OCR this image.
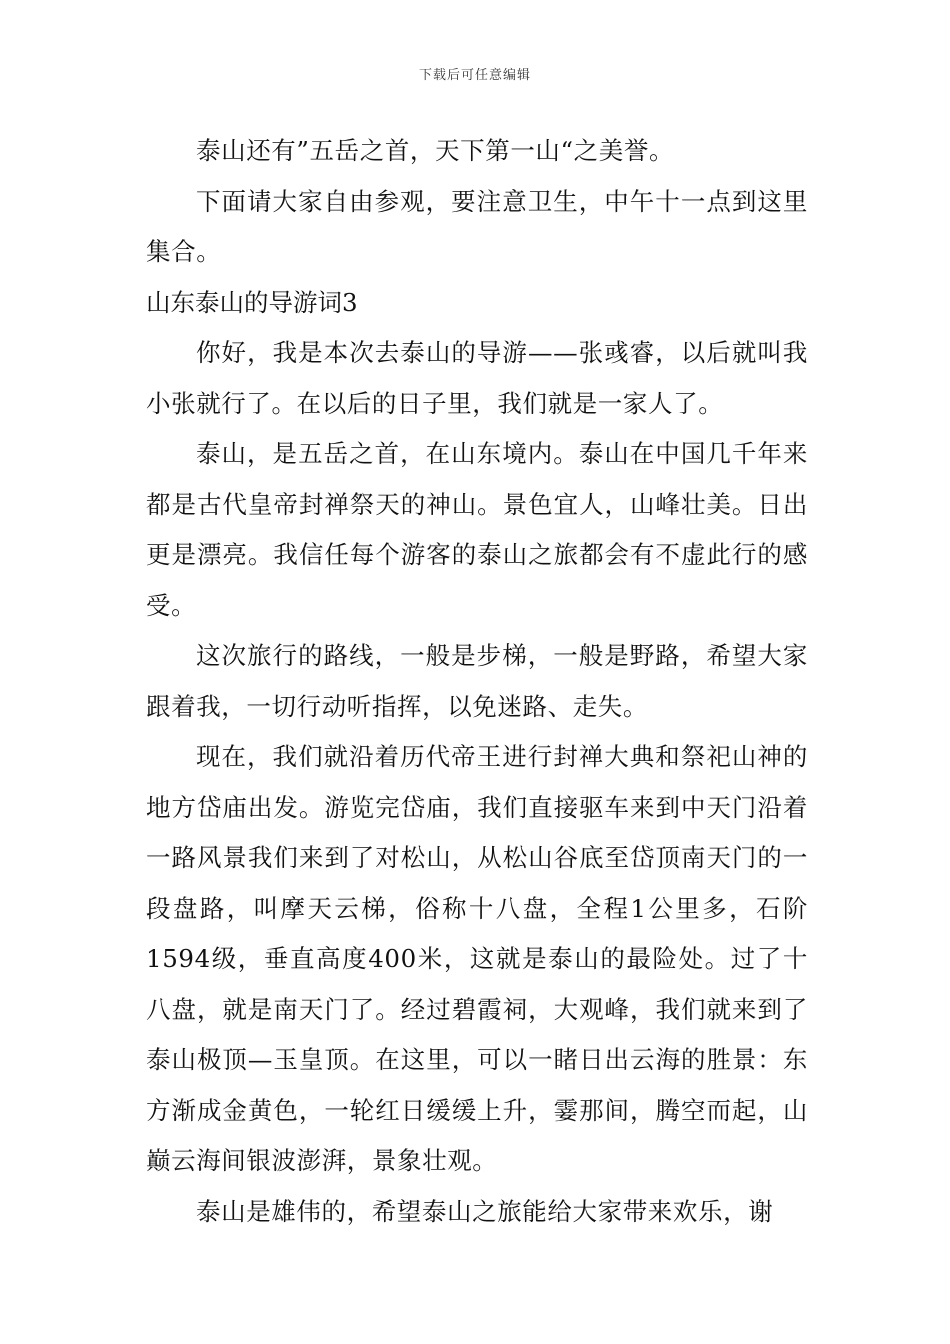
下载后可任意编辑

泰山还有”五岳之首，天下第一山“之美誉。

下面请大家自由参观，要注意卫生，中午十一点到这里集合。

山东泰山的导游词3

你好，我是本次去泰山的导游——张彧睿，以后就叫我小张就行了。在以后的日子里，我们就是一家人了。

泰山，是五岳之首，在山东境内。泰山在中国几千年来都是古代皇帝封禅祭天的神山。景色宜人，山峰壮美。日出更是漂亮。我信任每个游客的泰山之旅都会有不虚此行的感受。

这次旅行的路线，一般是步梯，一般是野路，希望大家跟着我，一切行动听指挥，以免迷路、走失。

现在，我们就沿着历代帝王进行封禅大典和祭祀山神的地方岱庙出发。游览完岱庙，我们直接驱车来到中天门沿着一路风景我们来到了对松山，从松山谷底至岱顶南天门的一段盘路，叫摩天云梯，俗称十八盘，全程1公里多，石阶1594级，垂直高度400米，这就是泰山的最险处。过了十八盘，就是南天门了。经过碧霞祠，大观峰，我们就来到了泰山极顶—玉皇顶。在这里，可以一睹日出云海的胜景：东方渐成金黄色，一轮红日缓缓上升，霎那间，腾空而起，山巅云海间银波澎湃，景象壮观。

泰山是雄伟的，希望泰山之旅能给大家带来欢乐，谢
